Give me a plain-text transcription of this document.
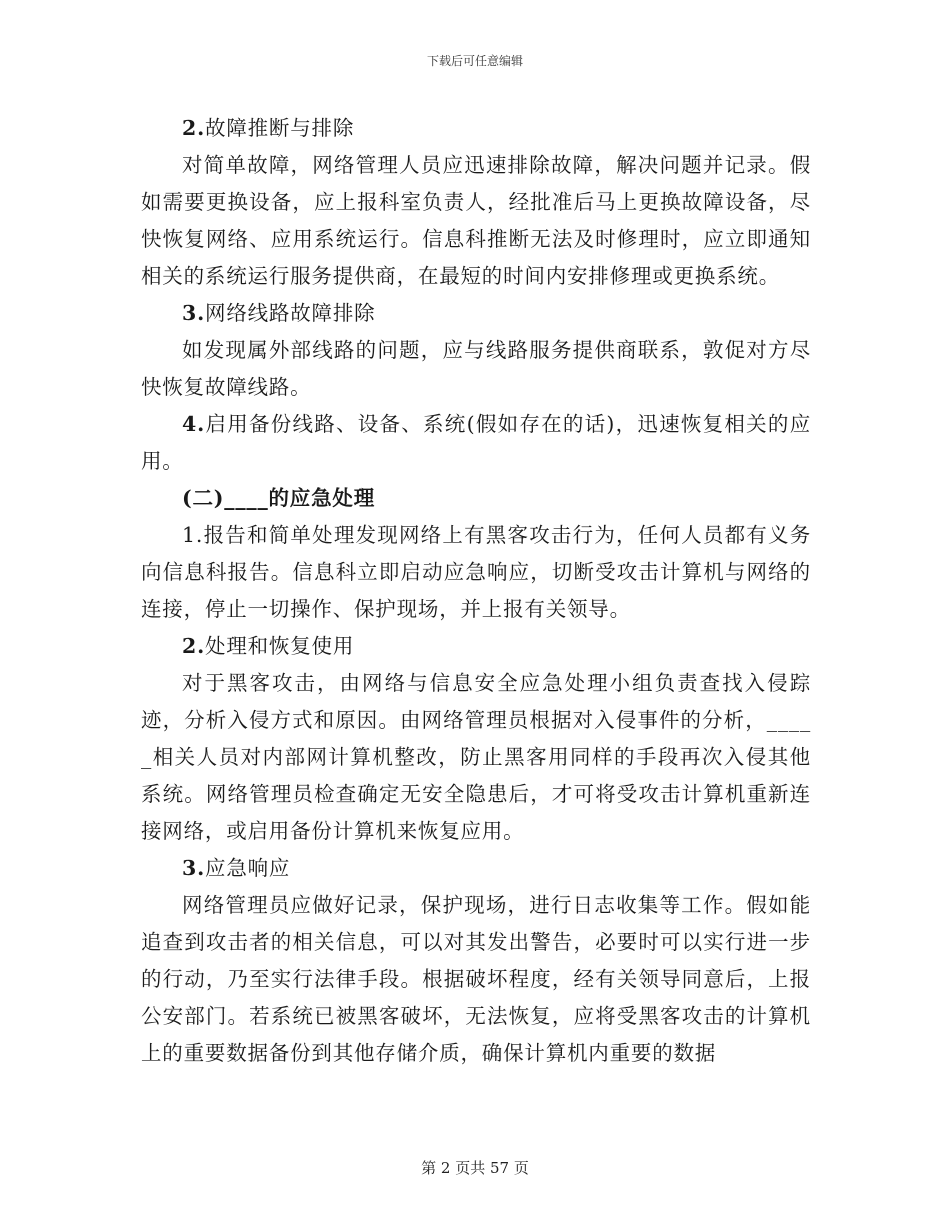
下载后可任意编辑

2.故障推断与排除

对简单故障，网络管理人员应迅速排除故障，解决问题并记录。假如需要更换设备，应上报科室负责人，经批准后马上更换故障设备，尽快恢复网络、应用系统运行。信息科推断无法及时修理时，应立即通知相关的系统运行服务提供商，在最短的时间内安排修理或更换系统。

3.网络线路故障排除

如发现属外部线路的问题，应与线路服务提供商联系，敦促对方尽快恢复故障线路。

4.启用备份线路、设备、系统(假如存在的话)，迅速恢复相关的应用。

(二)____的应急处理

1.报告和简单处理发现网络上有黑客攻击行为，任何人员都有义务向信息科报告。信息科立即启动应急响应，切断受攻击计算机与网络的连接，停止一切操作、保护现场，并上报有关领导。

2.处理和恢复使用

对于黑客攻击，由网络与信息安全应急处理小组负责查找入侵踪迹，分析入侵方式和原因。由网络管理员根据对入侵事件的分析，_____相关人员对内部网计算机整改，防止黑客用同样的手段再次入侵其他系统。网络管理员检查确定无安全隐患后，才可将受攻击计算机重新连接网络，或启用备份计算机来恢复应用。

3.应急响应

网络管理员应做好记录，保护现场，进行日志收集等工作。假如能追查到攻击者的相关信息，可以对其发出警告，必要时可以实行进一步的行动，乃至实行法律手段。根据破坏程度，经有关领导同意后，上报公安部门。若系统已被黑客破坏，无法恢复，应将受黑客攻击的计算机上的重要数据备份到其他存储介质，确保计算机内重要的数据

第 2 页共 57 页
